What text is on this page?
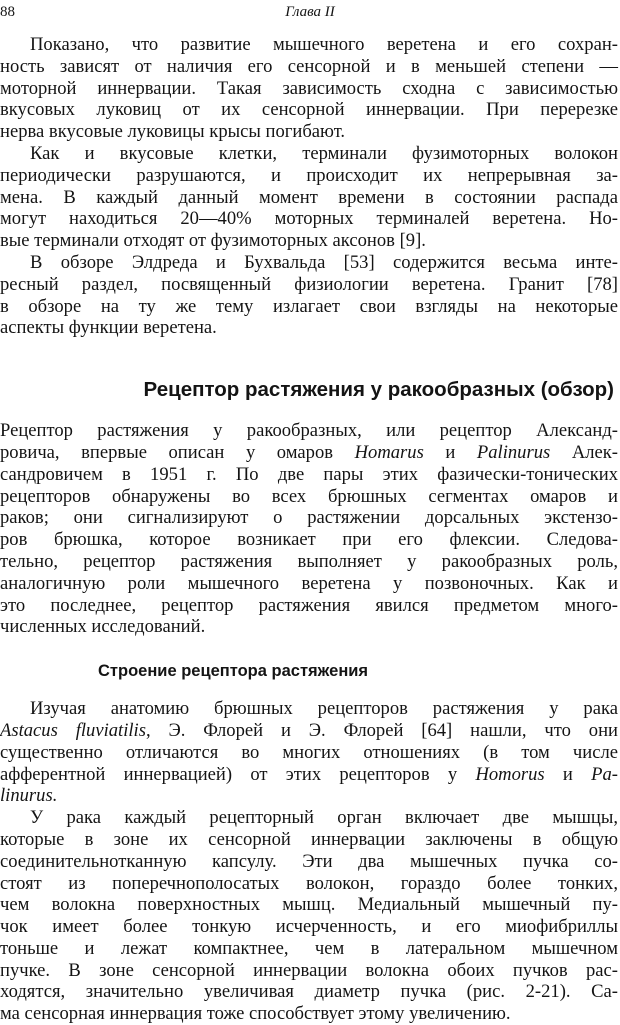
88	Глава II
Показано, что развитие мышечного веретена и его сохран-
ность зависят от наличия его сенсорной и в меньшей степени —
моторной иннервации. Такая зависимость сходна с зависимостью
вкусовых луковиц от их сенсорной иннервации. При перерезке
нерва вкусовые луковицы крысы погибают.
Как и вкусовые клетки, терминали фузимоторных волокон
периодически разрушаются, и происходит их непрерывная за-
мена. В каждый данный момент времени в состоянии распада
могут находиться 20—40% моторных терминалей веретена. Но-
вые терминали отходят от фузимоторных аксонов [9].
В обзоре Элдреда и Бухвальда [53] содержится весьма инте-
ресный раздел, посвященный физиологии веретена. Гранит [78]
в обзоре на ту же тему излагает свои взгляды на некоторые
аспекты функции веретена.
Рецептор растяжения у ракообразных (обзор)
Рецептор растяжения у ракообразных, или рецептор Александ-
ровича, впервые описан у омаров Homarus и Palinurus Алек-
сандровичем в 1951 г. По две пары этих фазически-тонических
рецепторов обнаружены во всех брюшных сегментах омаров и
раков; они сигнализируют о растяжении дорсальных экстензо-
ров брюшка, которое возникает при его флексии. Следова-
тельно, рецептор растяжения выполняет у ракообразных роль,
аналогичную роли мышечного веретена у позвоночных. Как и
это последнее, рецептор растяжения явился предметом много-
численных исследований.
Строение рецептора растяжения
Изучая анатомию брюшных рецепторов растяжения у рака
Astacus fluviatilis, Э. Флорей и Э. Флорей [64] нашли, что они
существенно отличаются во многих отношениях (в том числе
афферентной иннервацией) от этих рецепторов у Homorus и Pa-
linurus.
У рака каждый рецепторный орган включает две мышцы,
которые в зоне их сенсорной иннервации заключены в общую
соединительнотканную капсулу. Эти два мышечных пучка со-
стоят из поперечнополосатых волокон, гораздо более тонких,
чем волокна поверхностных мышц. Медиальный мышечный пу-
чок имеет более тонкую исчерченность, и его миофибриллы
тоньше и лежат компактнее, чем в латеральном мышечном
пучке. В зоне сенсорной иннервации волокна обоих пучков рас-
ходятся, значительно увеличивая диаметр пучка (рис. 2-21). Са-
ма сенсорная иннервация тоже способствует этому увеличению.
